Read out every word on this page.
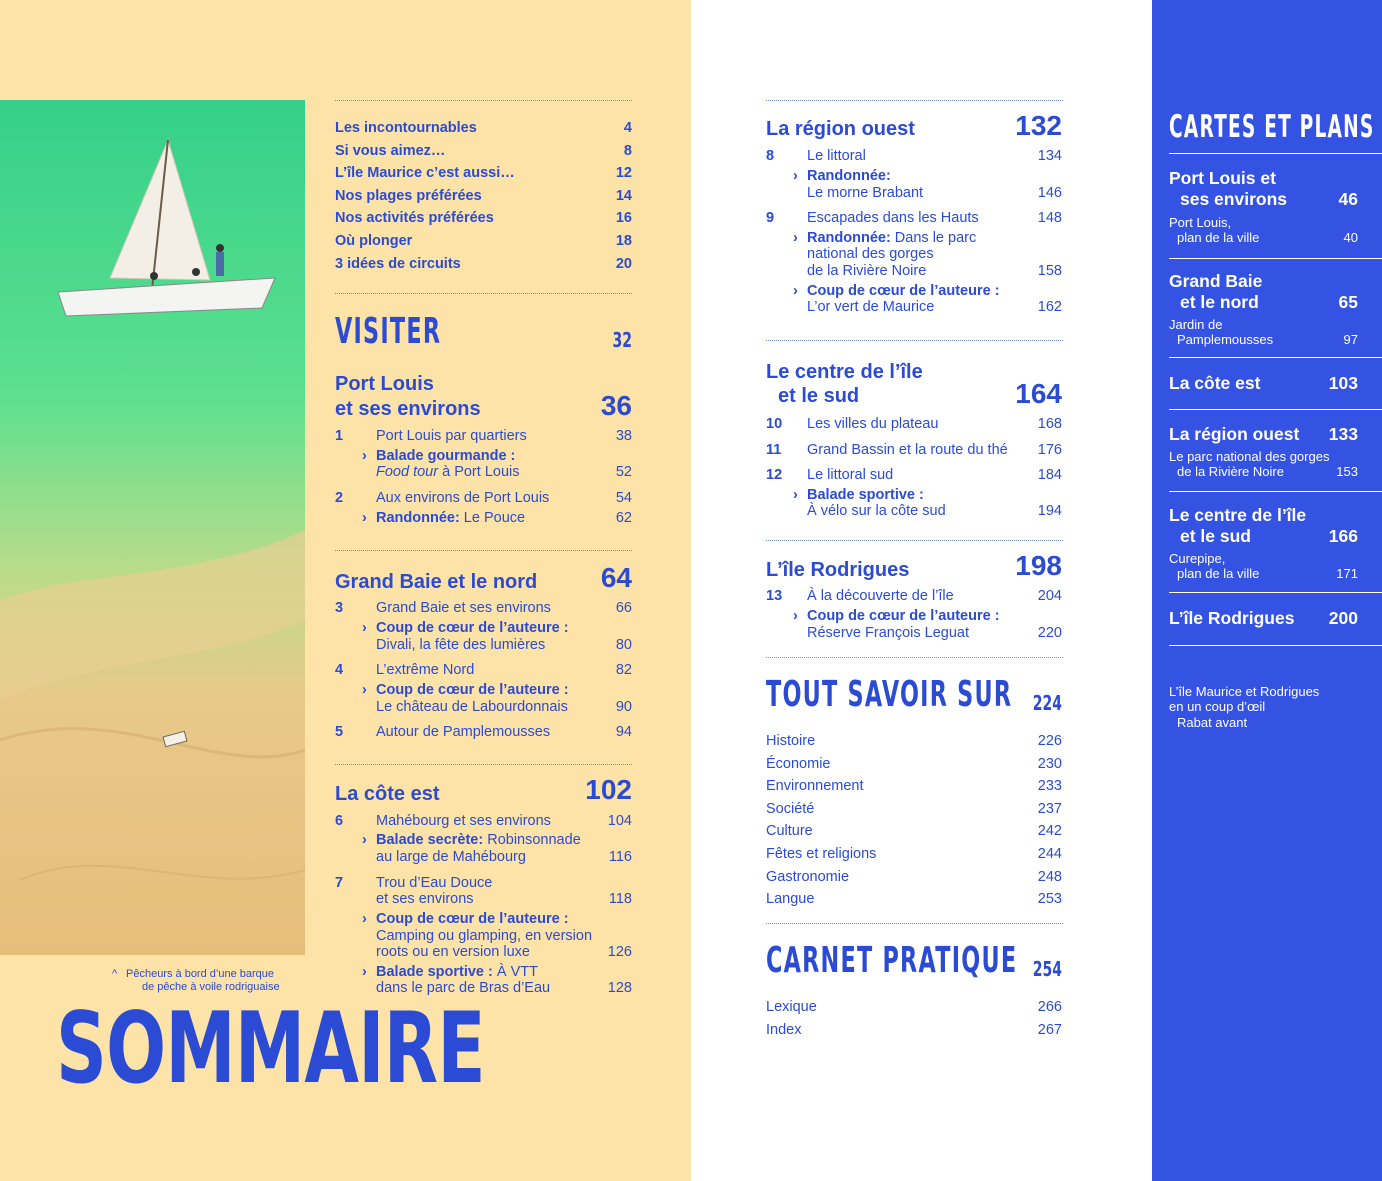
^ Pêcheurs à bord d’une barque
de pêche à voile rodriguaise
SOMMAIRE
Les incontournables	4
Si vous aimez…	8
L’île Maurice c’est aussi…	12
Nos plages préférées	14
Nos activités préférées	16
Où plonger	18
3 idées de circuits	20
VISITER	32
Port Louis
et ses environs	36
1 Port Louis par quartiers	38
› Balade gourmande :
Food tour à Port Louis	52
2 Aux environs de Port Louis	54
› Randonnée: Le Pouce	62
Grand Baie et le nord	64
3 Grand Baie et ses environs	66
› Coup de cœur de l’auteure :
Divali, la fête des lumières	80
4 L’extrême Nord	82
› Coup de cœur de l’auteure :
Le château de Labourdonnais	90
5 Autour de Pamplemousses	94
La côte est	102
6 Mahébourg et ses environs	104
› Balade secrète: Robinsonnade
au large de Mahébourg	116
7 Trou d’Eau Douce
et ses environs	118
› Coup de cœur de l’auteure :
Camping ou glamping, en version
roots ou en version luxe	126
› Balade sportive : À VTT
dans le parc de Bras d’Eau	128
La région ouest	132
8 Le littoral	134
› Randonnée:
Le morne Brabant	146
9 Escapades dans les Hauts	148
› Randonnée: Dans le parc
national des gorges
de la Rivière Noire	158
› Coup de cœur de l’auteure :
L’or vert de Maurice	162
Le centre de l’île
et le sud	164
10 Les villes du plateau	168
11 Grand Bassin et la route du thé	176
12 Le littoral sud	184
› Balade sportive :
À vélo sur la côte sud	194
L’île Rodrigues	198
13 À la découverte de l’île	204
› Coup de cœur de l’auteure :
Réserve François Leguat	220
TOUT SAVOIR SUR	224
Histoire	226
Économie	230
Environnement	233
Société	237
Culture	242
Fêtes et religions	244
Gastronomie	248
Langue	253
CARNET PRATIQUE 254
Lexique	266
Index	267
CARTES ET PLANS
Port Louis et
ses environs	46
Port Louis,
plan de la ville	40
Grand Baie
et le nord	65
Jardin de
Pamplemousses	97
La côte est	103
La région ouest	133
Le parc national des gorges
de la Rivière Noire	153
Le centre de l’île
et le sud	166
Curepipe,
plan de la ville	171
L’île Rodrigues	200
L’île Maurice et Rodrigues
en un coup d’œil
Rabat avant
